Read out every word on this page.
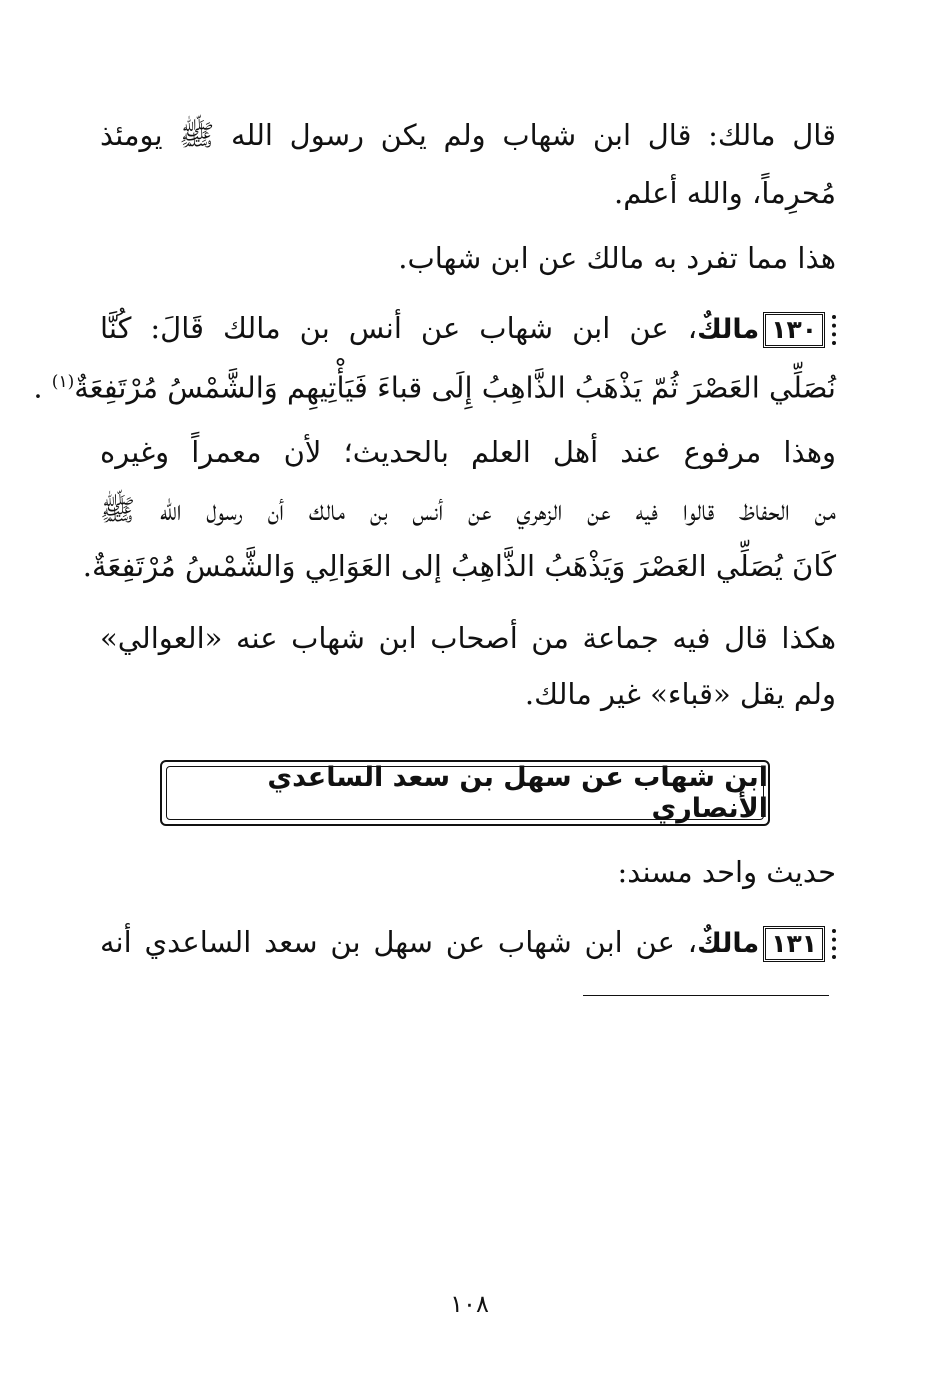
قال مالك: قال ابن شهاب ولم يكن رسول الله ﷺ يومئذ
مُحرِماً، والله أعلم.
هذا مما تفرد به مالك عن ابن شهاب.
١٣٠مالكٌ، عن ابن شهاب عن أنس بن مالك قَالَ: كُنَّا
نُصَلِّي العَصْرَ ثُمّ يَذْهَبُ الذَّاهِبُ إِلَى قباءَ فَيَأْتِيهِم وَالشَّمْسُ مُرْتَفِعَةٌ$^{(١)}$ .
وهذا مرفوع عند أهل العلم بالحديث؛ لأن معمراً وغيره
من الحفاظ قالوا فيه عن الزهري عن أنس بن مالك أن رسول الله ﷺ
كَانَ يُصَلِّي العَصْرَ وَيَذْهَبُ الذَّاهِبُ إلى العَوَالِي وَالشَّمْسُ مُرْتَفِعَةٌ.
هكذا قال فيه جماعة من أصحاب ابن شهاب عنه «العوالي»
ولم يقل «قباء» غير مالك.
ابن شهاب عن سهل بن سعد الساعدي الأنصاري
حديث واحد مسند:
١٣١مالكٌ، عن ابن شهاب عن سهل بن سعد الساعدي أنه
١٠٨
